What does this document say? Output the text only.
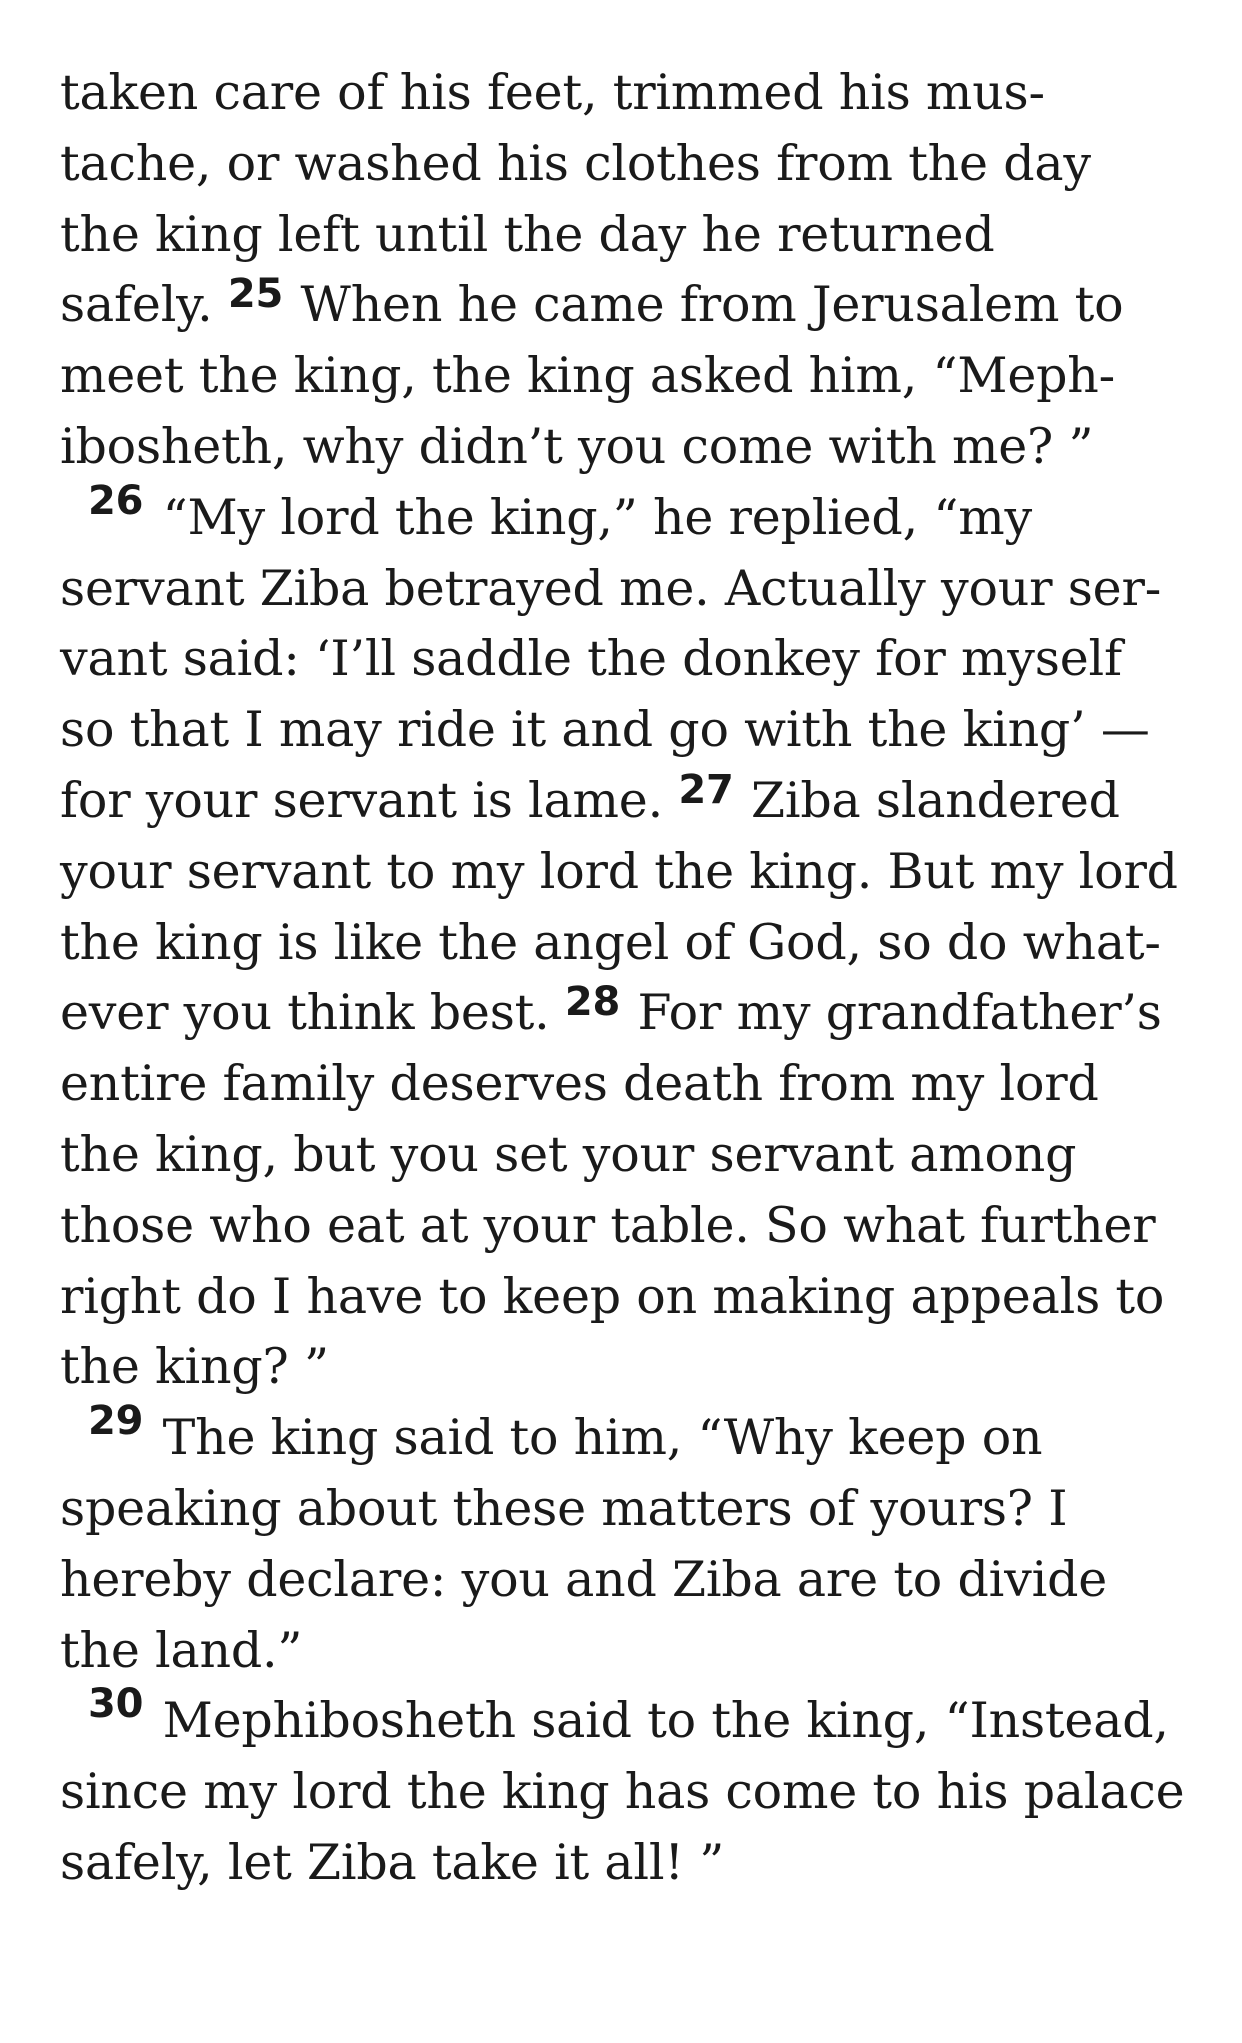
taken care of his feet, trimmed his mus-
tache, or washed his clothes from the day
the king left until the day he returned
safely. $^{25}$ When he came from Jerusalem to
meet the king, the king asked him, “Meph-
ibosheth, why didn’t you come with me? ”
26 “My lord the king,” he replied, “my
servant Ziba betrayed me. Actually your ser-
vant said: ‘I’ll saddle the donkey for myself
so that I may ride it and go with the king’ —
for your servant is lame. $^{27}$ Ziba slandered
your servant to my lord the king. But my lord
the king is like the angel of God, so do what-
ever you think best. $^{28}$ For my grandfather’s
entire family deserves death from my lord
the king, but you set your servant among
those who eat at your table. So what further
right do I have to keep on making appeals to
the king? ”
29 The king said to him, “Why keep on
speaking about these matters of yours? I
hereby declare: you and Ziba are to divide
the land.”
30 Mephibosheth said to the king, “Instead,
since my lord the king has come to his palace
safely, let Ziba take it all! ”
